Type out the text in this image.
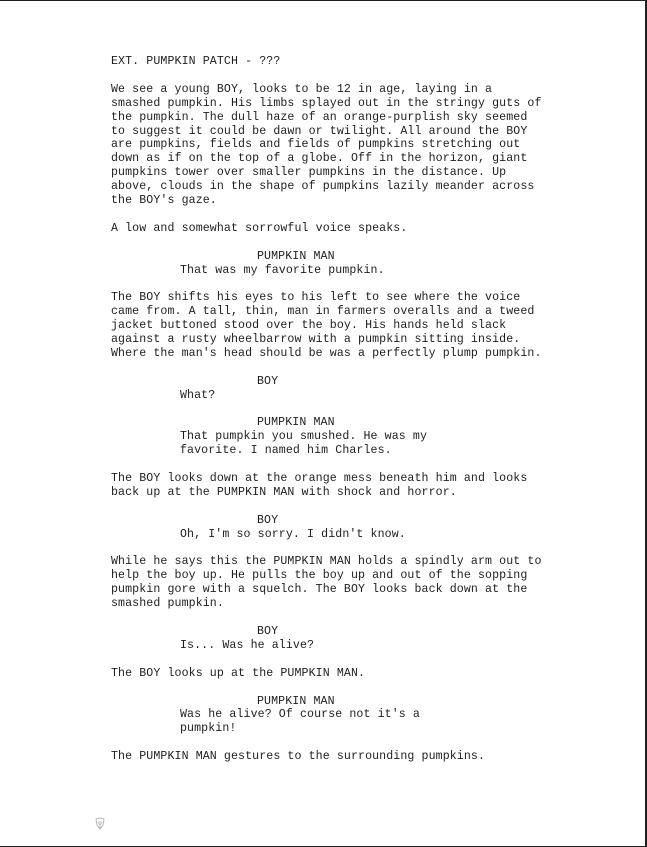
EXT. PUMPKIN PATCH - ???

We see a young BOY, looks to be 12 in age, laying in a

smashed pumpkin. His limbs splayed out in the stringy guts of

the pumpkin. The dull haze of an orange-purplish sky seemed

to suggest it could be dawn or twilight. All around the BOY

are pumpkins, fields and fields of pumpkins stretching out

down as if on the top of a globe. Off in the horizon, giant

pumpkins tower over smaller pumpkins in the distance. Up

above, clouds in the shape of pumpkins lazily meander across

the BOY's gaze.

A low and somewhat sorrowful voice speaks.

PUMPKIN MAN

That was my favorite pumpkin.

The BOY shifts his eyes to his left to see where the voice

came from. A tall, thin, man in farmers overalls and a tweed

jacket buttoned stood over the boy. His hands held slack

against a rusty wheelbarrow with a pumpkin sitting inside.

Where the man's head should be was a perfectly plump pumpkin.

BOY

What?

PUMPKIN MAN

That pumpkin you smushed. He was my

favorite. I named him Charles.

The BOY looks down at the orange mess beneath him and looks

back up at the PUMPKIN MAN with shock and horror.

BOY

Oh, I'm so sorry. I didn't know.

While he says this the PUMPKIN MAN holds a spindly arm out to

help the boy up. He pulls the boy up and out of the sopping

pumpkin gore with a squelch. The BOY looks back down at the

smashed pumpkin.

BOY

Is... Was he alive?

The BOY looks up at the PUMPKIN MAN.

PUMPKIN MAN

Was he alive? Of course not it's a

pumpkin!

The PUMPKIN MAN gestures to the surrounding pumpkins.
